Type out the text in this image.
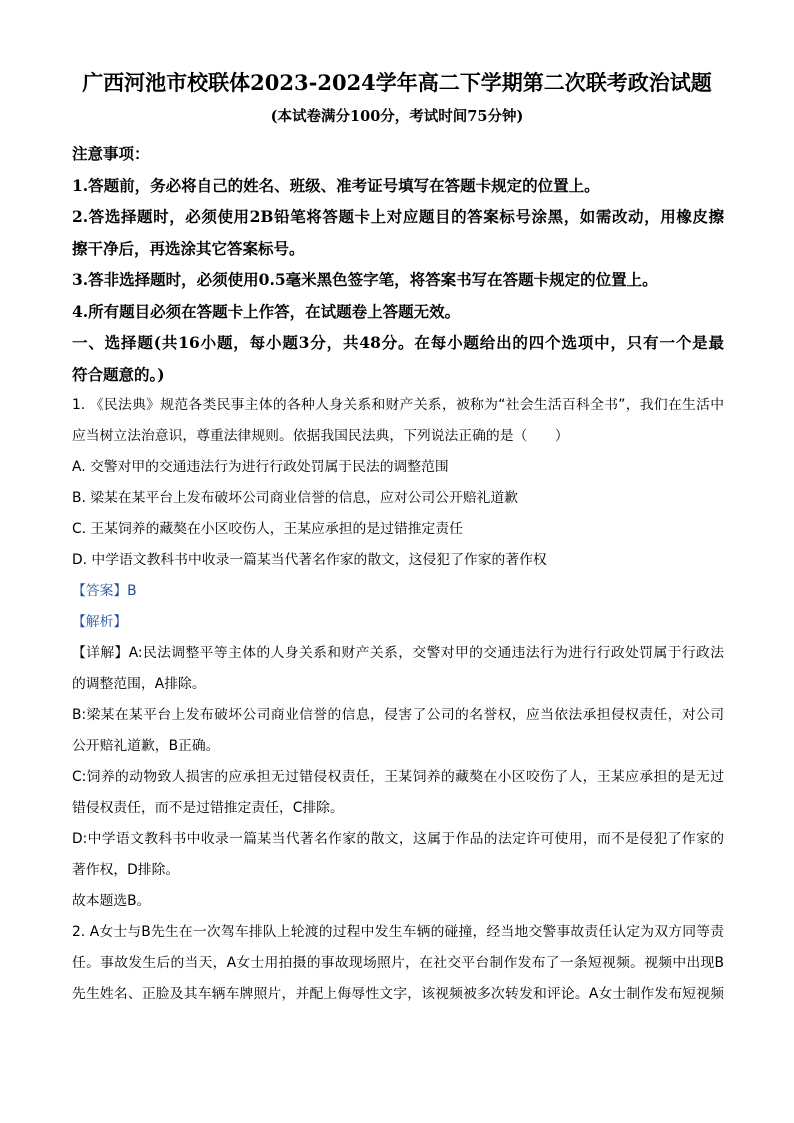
广西河池市校联体2023-2024学年高二下学期第二次联考政治试题
(本试卷满分100分，考试时间75分钟)
注意事项：
1.答题前，务必将自己的姓名、班级、准考证号填写在答题卡规定的位置上。
2.答选择题时，必须使用2B铅笔将答题卡上对应题目的答案标号涂黑，如需改动，用橡皮擦
擦干净后，再选涂其它答案标号。
3.答非选择题时，必须使用0.5毫米黑色签字笔，将答案书写在答题卡规定的位置上。
4.所有题目必须在答题卡上作答，在试题卷上答题无效。
一、选择题(共16小题，每小题3分，共48分。在每小题给出的四个选项中，只有一个是最
符合题意的。)
1. 《民法典》规范各类民事主体的各种人身关系和财产关系，被称为“社会生活百科全书”，我们在生活中
应当树立法治意识，尊重法律规则。依据我国民法典，下列说法正确的是（　　）
A. 交警对甲的交通违法行为进行行政处罚属于民法的调整范围
B. 梁某在某平台上发布破坏公司商业信誉的信息，应对公司公开赔礼道歉
C. 王某饲养的藏獒在小区咬伤人，王某应承担的是过错推定责任
D. 中学语文教科书中收录一篇某当代著名作家的散文，这侵犯了作家的著作权
【答案】B
【解析】
【详解】A:民法调整平等主体的人身关系和财产关系，交警对甲的交通违法行为进行行政处罚属于行政法
的调整范围，A排除。
B:梁某在某平台上发布破坏公司商业信誉的信息，侵害了公司的名誉权，应当依法承担侵权责任，对公司
公开赔礼道歉，B正确。
C:饲养的动物致人损害的应承担无过错侵权责任，王某饲养的藏獒在小区咬伤了人，王某应承担的是无过
错侵权责任，而不是过错推定责任，C排除。
D:中学语文教科书中收录一篇某当代著名作家的散文，这属于作品的法定许可使用，而不是侵犯了作家的
著作权，D排除。
故本题选B。
2. A女士与B先生在一次驾车排队上轮渡的过程中发生车辆的碰撞，经当地交警事故责任认定为双方同等责
任。事故发生后的当天，A女士用拍摄的事故现场照片，在社交平台制作发布了一条短视频。视频中出现B
先生姓名、正脸及其车辆车牌照片，并配上侮辱性文字，该视频被多次转发和评论。A女士制作发布短视频
